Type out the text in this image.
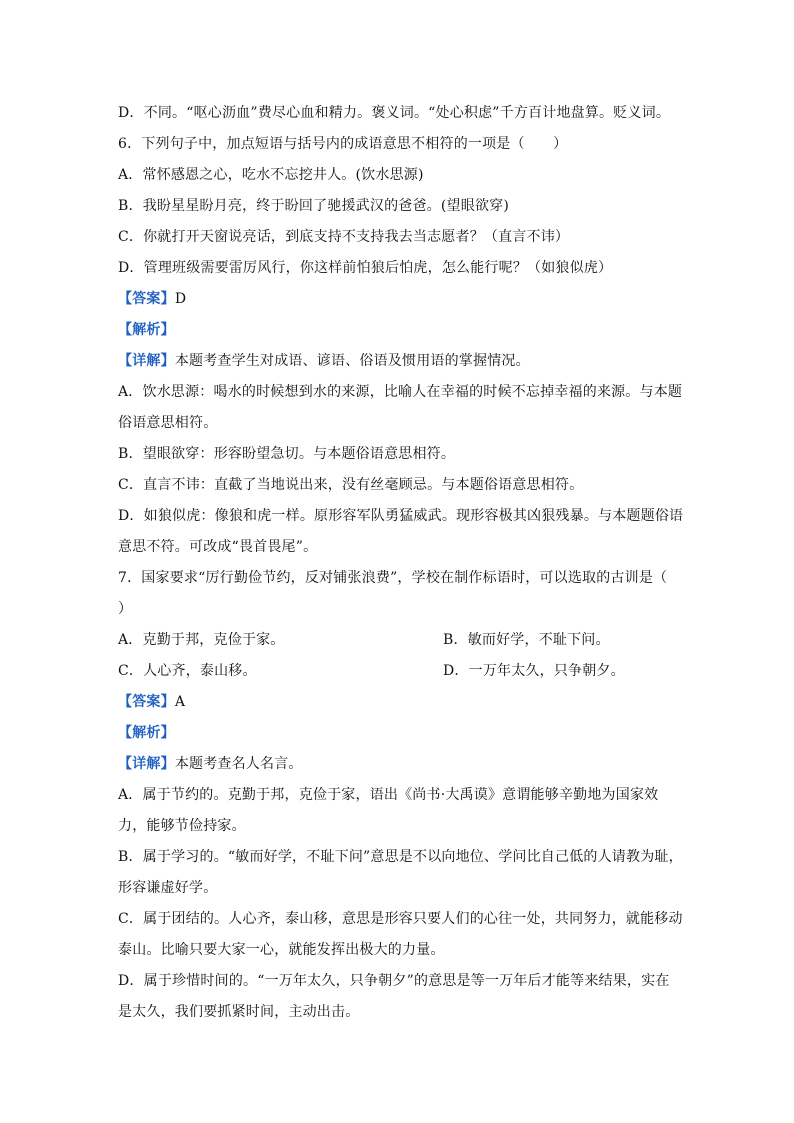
D．不同。“呕心沥血”费尽心血和精力。褒义词。“处心积虑”千方百计地盘算。贬义词。
6．下列句子中，加点短语与括号内的成语意思不相符的一项是（　　）
A．常怀感恩之心，吃水不忘挖井人。(饮水思源)
B．我盼星星盼月亮，终于盼回了驰援武汉的爸爸。(望眼欲穿)
C．你就打开天窗说亮话，到底支持不支持我去当志愿者？（直言不讳）
D．管理班级需要雷厉风行，你这样前怕狼后怕虎，怎么能行呢？（如狼似虎）
【答案】D
【解析】
【详解】本题考查学生对成语、谚语、俗语及惯用语的掌握情况。
A．饮水思源：喝水的时候想到水的来源，比喻人在幸福的时候不忘掉幸福的来源。与本题
俗语意思相符。
B．望眼欲穿：形容盼望急切。与本题俗语意思相符。
C．直言不讳：直截了当地说出来，没有丝毫顾忌。与本题俗语意思相符。
D．如狼似虎：像狼和虎一样。原形容军队勇猛威武。现形容极其凶狠残暴。与本题题俗语
意思不符。可改成“畏首畏尾”。
7．国家要求“厉行勤俭节约，反对铺张浪费”，学校在制作标语时，可以选取的古训是（
）
A．克勤于邦，克俭于家。	B．敏而好学，不耻下问。
C．人心齐，泰山移。	D．一万年太久，只争朝夕。
【答案】A
【解析】
【详解】本题考查名人名言。
A．属于节约的。克勤于邦，克俭于家，语出《尚书·大禹谟》意谓能够辛勤地为国家效
力，能够节俭持家。
B．属于学习的。“敏而好学，不耻下问”意思是不以向地位、学问比自己低的人请教为耻，
形容谦虚好学。
C．属于团结的。人心齐，泰山移，意思是形容只要人们的心往一处，共同努力，就能移动
泰山。比喻只要大家一心，就能发挥出极大的力量。
D．属于珍惜时间的。“一万年太久，只争朝夕”的意思是等一万年后才能等来结果，实在
是太久，我们要抓紧时间，主动出击。
